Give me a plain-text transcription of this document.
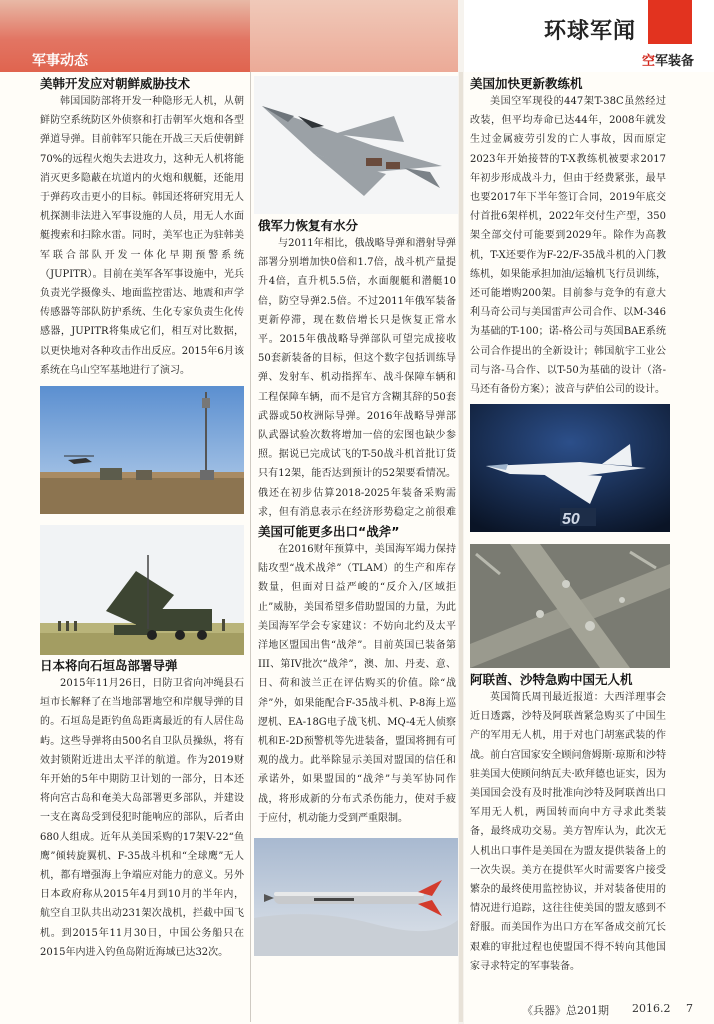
军事动态
环球军闻
空军装备
美韩开发应对朝鲜威胁技术
韩国国防部将开发一种隐形无人机，从朝鲜防空系统防区外侦察和打击朝军火炮和各型弹道导弹。目前韩军只能在开战三天后使朝鲜70%的远程火炮失去进攻力，这种无人机将能消灭更多隐蔽在坑道内的火炮和舰艇，还能用于弹药攻击更小的目标。韩国还将研究用无人机探测非法进入军事设施的人员，用无人水面艇搜索和扫除水雷。同时，美军也正为驻韩美军联合部队开发一体化早期预警系统（JUPITR）。目前在美军各军事设施中，光兵负责光学摄像头、地面监控雷达、地震和声学传感器等部队防护系统、生化专家负责生化传感器，JUPITR将集成它们，相互对比数据，以更快地对各种攻击作出反应。2015年6月该系统在乌山空军基地进行了演习。
日本将向石垣岛部署导弹
2015年11月26日，日防卫省向冲绳县石垣市长解释了在当地部署地空和岸舰导弹的目的。石垣岛是距钓鱼岛距离最近的有人居住岛屿。这些导弹将由500名自卫队员操纵，将有效封锁附近进出太平洋的航道。作为2019财年开始的5年中期防卫计划的一部分，日本还将向宫古岛和奄美大岛部署更多部队，并建设一支在离岛受到侵犯时能响应的部队，后者由680人组成。近年从美国采购的17架V-22“鱼鹰”倾转旋翼机、F-35战斗机和“全球鹰”无人机，都有增强海上争端应对能力的意义。另外日本政府称从2015年4月到10月的半年内，航空自卫队共出动231架次战机，拦截中国飞机。到2015年11月30日，中国公务船只在2015年内进入钓鱼岛附近海域已达32次。
俄军力恢复有水分
与2011年相比，俄战略导弹和潜射导弹部署分别增加快0倍和1.7倍，战斗机产量提升4倍，直升机5.5倍，水面舰艇和潜艇10倍，防空导弹2.5倍。不过2011年俄军装备更新停滞，现在数倍增长只是恢复正常水平。2015年俄战略导弹部队可望完成接收50套新装备的目标，但这个数字包括训练导弹、发射车、机动指挥车、战斗保障车辆和工程保障车辆，而不是官方含糊其辞的50套武器或50枚洲际导弹。2016年战略导弹部队武器试验次数将增加一倍的宏图也缺少参照。据说已完成试飞的T-50战斗机首批订货只有12架，能否达到预计的52架要看情况。俄还在初步估算2018-2025年装备采购需求，但有消息表示在经济形势稳定之前很难
美国可能更多出口“战斧”
在2016财年预算中，美国海军竭力保持陆攻型“战术战斧”（TLAM）的生产和库存数量，但面对日益严峻的“反介入/区域拒止”威胁，美国希望多借助盟国的力量，为此美国海军学会专家建议：不妨向北约及太平洋地区盟国出售“战斧”。目前英国已装备第III、第IV批次“战斧”，澳、加、丹麦、意、日、荷和波兰正在评估购买的价值。除“战斧”外，如果能配合F-35战斗机、P-8海上巡逻机、EA-18G电子战飞机、MQ-4无人侦察机和E-2D预警机等先进装备，盟国将拥有可观的战力。此举除显示美国对盟国的信任和承诺外，如果盟国的“战斧”与美军协同作战，将形成新的分布式杀伤能力，使对手疲于应付，机动能力受到严重限制。
美国加快更新教练机
美国空军现役的447架T-38C虽然经过改装，但平均寿命已达44年，2008年就发生过金属疲劳引发的亡人事故，因而原定2023年开始接替的T-X教练机被要求2017年初步形成战斗力，但由于经费紧张，最早也要2017年下半年签订合同，2019年底交付首批6架样机，2022年交付生产型，350架全部交付可能要到2029年。除作为高教机，T-X还要作为F-22/F-35战斗机的入门教练机，如果能承担加油/运输机飞行员训练，还可能增购200架。目前参与竞争的有意大利马奇公司与美国雷声公司合作、以M-346为基础的T-100；诺-格公司与英国BAE系统公司合作提出的全新设计；韩国航宇工业公司与洛-马合作、以T-50为基础的设计（洛-马还有备份方案）；波音与萨伯公司的设计。
50
阿联酋、沙特急购中国无人机
英国简氏周刊最近报道：大西洋理事会近日透露，沙特及阿联酋紧急购买了中国生产的军用无人机，用于对也门胡塞武装的作战。前白宫国家安全顾问詹姆斯·琼斯和沙特驻美国大使顾问纳瓦夫·欧拜德也证实，因为美国国会没有及时批准向沙特及阿联酋出口军用无人机，两国转而向中方寻求此类装备，最终成功交易。美方智库认为，此次无人机出口事件是美国在为盟友提供装备上的一次失误。美方在提供军火时需要客户接受繁杂的最终使用监控协议，并对装备使用的情况进行追踪，这往往使美国的盟友感到不舒服。而美国作为出口方在军备成交前冗长艰难的审批过程也使盟国不得不转向其他国家寻求特定的军事装备。
《兵器》总201期 2016.2 7
